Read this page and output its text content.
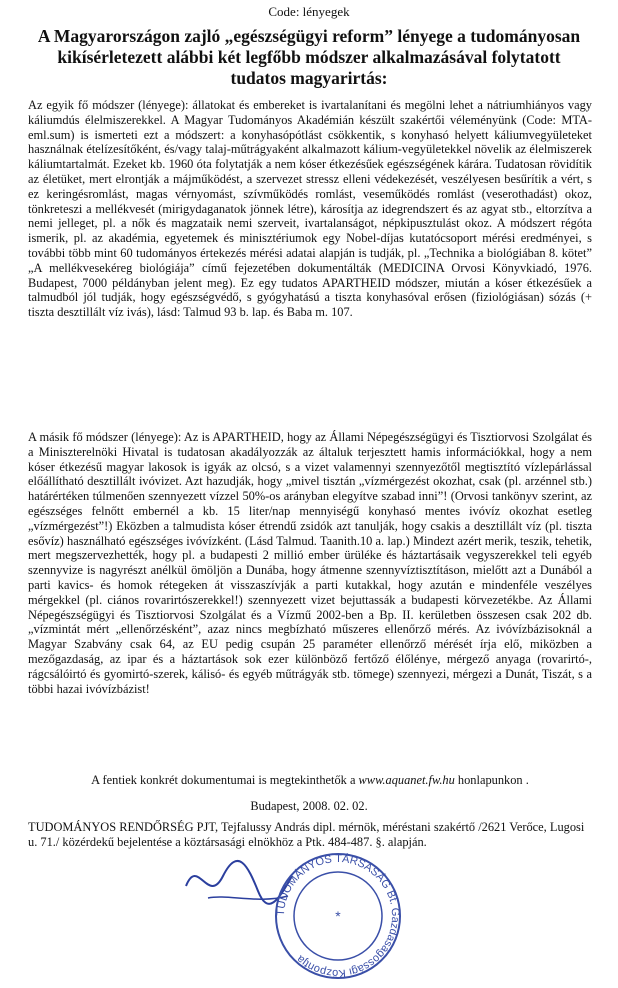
Code: lényegek
A Magyarországon zajló „egészségügyi reform” lényege a tudományosan kikísérletezett alábbi két legfőbb módszer alkalmazásával folytatott tudatos magyarirtás:
Az egyik fő módszer (lényege): állatokat és embereket is ivartalanítani és megölni lehet a nátriumhiányos vagy káliumdús élelmiszerekkel. A Magyar Tudományos Akadémián készült szakértői véleményünk (Code: MTA-eml.sum) is ismerteti ezt a módszert: a konyhasópótlást csökkentik, s konyhasó helyett káliumvegyületeket használnak ételízesítőként, és/vagy talaj-műtrágyaként alkalmazott kálium-vegyületekkel növelik az élelmiszerek káliumtartalmát. Ezeket kb. 1960 óta folytatják a nem kóser étkezésűek egészségének kárára. Tudatosan rövidítik az életüket, mert elrontják a májműködést, a szervezet stressz elleni védekezését, veszélyesen besűrítik a vért, s ez keringésromlást, magas vérnyomást, szívműködés romlást, veseműködés romlást (veserothadást) okoz, tönkreteszi a mellékvesét (mirigydaganatok jönnek létre), károsítja az idegrendszert és az agyat stb., eltorzítva a nemi jelleget, pl. a nők és magzataik nemi szerveit, ivartalanságot, népkipusztulást okoz. A módszert régóta ismerik, pl. az akadémia, egyetemek és minisztériumok egy Nobel-díjas kutatócsoport mérési eredményei, s további több mint 60 tudományos értekezés mérési adatai alapján is tudják, pl. „Technika a biológiában 8. kötet” „A mellékvesekéreg biológiája” című fejezetében dokumentálták (MEDICINA Orvosi Könyvkiadó, 1976. Budapest, 7000 példányban jelent meg). Ez egy tudatos APARTHEID módszer, miután a kóser étkezésűek a talmudból jól tudják, hogy egészségvédő, s gyógyhatású a tiszta konyhasóval erősen (fiziológiásan) sózás (+ tiszta desztillált víz ivás), lásd: Talmud 93 b. lap. és Baba m. 107.
A másik fő módszer (lényege): Az is APARTHEID, hogy az Állami Népegészségügyi és Tisztiorvosi Szolgálat és a Miniszterelnöki Hivatal is tudatosan akadályozzák az általuk terjesztett hamis információkkal, hogy a nem kóser étkezésű magyar lakosok is igyák az olcsó, s a vizet valamennyi szennyezőtől megtisztító vízlepárlással előállítható desztillált ivóvizet. Azt hazudják, hogy „mivel tisztán „vízmérgezést okozhat, csak (pl. arzénnel stb.) határértéken túlmenően szennyezett vízzel 50%-os arányban elegyítve szabad inni”! (Orvosi tankönyv szerint, az egészséges felnőtt embernél a kb. 15 liter/nap mennyiségű konyhasó mentes ivóvíz okozhat esetleg „vízmérgezést”!) Eközben a talmudista kóser étrendű zsidók azt tanulják, hogy csakis a desztillált víz (pl. tiszta esővíz) használható egészséges ivóvízként. (Lásd Talmud. Taanith.10 a. lap.) Mindezt azért merik, teszik, tehetik, mert megszervezhették, hogy pl. a budapesti 2 millió ember ürüléke és háztartásaik vegyszerekkel teli egyéb szennyvize is nagyrészt anélkül ömöljön a Dunába, hogy átmenne szennyvíztisztításon, mielőtt azt a Dunából a parti kavics- és homok rétegeken át visszaszívják a parti kutakkal, hogy azután e mindenféle veszélyes mérgekkel (pl. ciános rovarirtószerekkel!) szennyezett vizet bejuttassák a budapesti körvezetékbe. Az Állami Népegészségügyi és Tisztiorvosi Szolgálat és a Vízmű 2002-ben a Bp. II. kerületben összesen csak 202 db. „vízmintát mért „ellenőrzésként”, azaz nincs megbízható műszeres ellenőrző mérés. Az ivóvízbázisoknál a Magyar Szabvány csak 64, az EU pedig csupán 25 paraméter ellenőrző mérését írja elő, miközben a mezőgazdaság, az ipar és a háztartások sok ezer különböző fertőző élőlénye, mérgező anyaga (rovarirtó-, rágcsálóirtó és gyomirtó-szerek, kálisó- és egyéb műtrágyák stb. tömege) szennyezi, mérgezi a Dunát, Tiszát, s a többi hazai ivóvízbázist!
A fentiek konkrét dokumentumai is megtekinthetők a www.aquanet.fw.hu honlapunkon .
Budapest, 2008. 02. 02.
TUDOMÁNYOS RENDŐRSÉG PJT, Tejfalussy András dipl. mérnök, méréstani szakértő /2621 Verőce, Lugosi u. 71./ közérdekű bejelentése a köztársasági elnökhöz a Ptk. 484-487. §. alapján.
TUDOMÁNYOS TÁRSASÁG Bt. Gazdaságossági Központja
*
